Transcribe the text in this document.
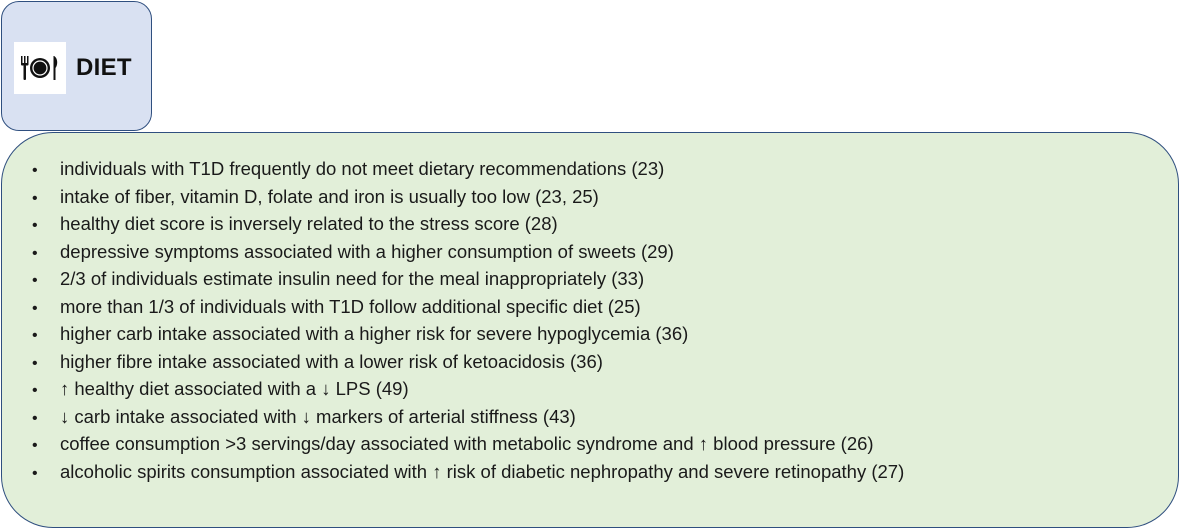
DIET
•	individuals with T1D frequently do not meet dietary recommendations (23)
•	intake of fiber, vitamin D, folate and iron is usually too low (23, 25)
•	healthy diet score is inversely related to the stress score (28)
•	depressive symptoms associated with a higher consumption of sweets (29)
•	2/3 of individuals estimate insulin need for the meal inappropriately (33)
•	more than 1/3 of individuals with T1D follow additional specific diet (25)
•	higher carb intake associated with a higher risk for severe hypoglycemia (36)
•	higher fibre intake associated with a lower risk of ketoacidosis (36)
•	↑ healthy diet associated with a ↓ LPS (49)
•	↓ carb intake associated with ↓ markers of arterial stiffness (43)
•	coffee consumption >3 servings/day associated with metabolic syndrome and ↑ blood pressure (26)
•	alcoholic spirits consumption associated with ↑ risk of diabetic nephropathy and severe retinopathy (27)
